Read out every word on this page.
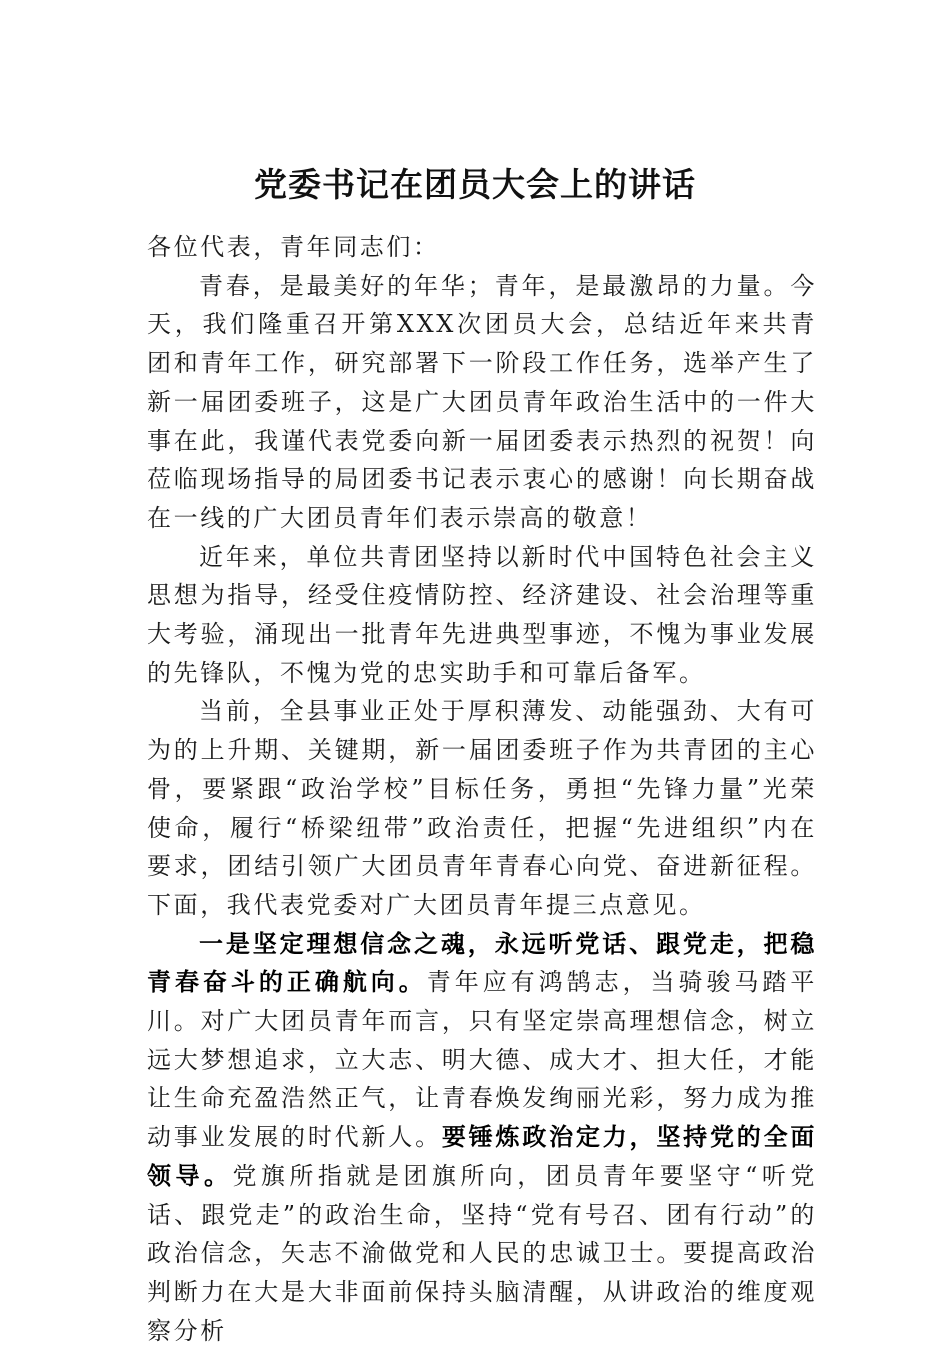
党委书记在团员大会上的讲话

各位代表，青年同志们：

青春，是最美好的年华；青年，是最激昂的力量。今天，我们隆重召开第XXX次团员大会，总结近年来共青团和青年工作，研究部署下一阶段工作任务，选举产生了新一届团委班子，这是广大团员青年政治生活中的一件大事在此，我谨代表党委向新一届团委表示热烈的祝贺！向莅临现场指导的局团委书记表示衷心的感谢！向长期奋战在一线的广大团员青年们表示崇高的敬意！

近年来，单位共青团坚持以新时代中国特色社会主义思想为指导，经受住疫情防控、经济建设、社会治理等重大考验，涌现出一批青年先进典型事迹，不愧为事业发展的先锋队，不愧为党的忠实助手和可靠后备军。

当前，全县事业正处于厚积薄发、动能强劲、大有可为的上升期、关键期，新一届团委班子作为共青团的主心骨，要紧跟“政治学校”目标任务，勇担“先锋力量”光荣使命，履行“桥梁纽带”政治责任，把握“先进组织”内在要求，团结引领广大团员青年青春心向党、奋进新征程。下面，我代表党委对广大团员青年提三点意见。

一是坚定理想信念之魂，永远听党话、跟党走，把稳青春奋斗的正确航向。青年应有鸿鹄志，当骑骏马踏平川。对广大团员青年而言，只有坚定崇高理想信念，树立远大梦想追求，立大志、明大德、成大才、担大任，才能让生命充盈浩然正气，让青春焕发绚丽光彩，努力成为推动事业发展的时代新人。要锤炼政治定力，坚持党的全面领导。党旗所指就是团旗所向，团员青年要坚守“听党话、跟党走”的政治生命，坚持“党有号召、团有行动”的政治信念，矢志不渝做党和人民的忠诚卫士。要提高政治判断力在大是大非面前保持头脑清醒，从讲政治的维度观察分析
